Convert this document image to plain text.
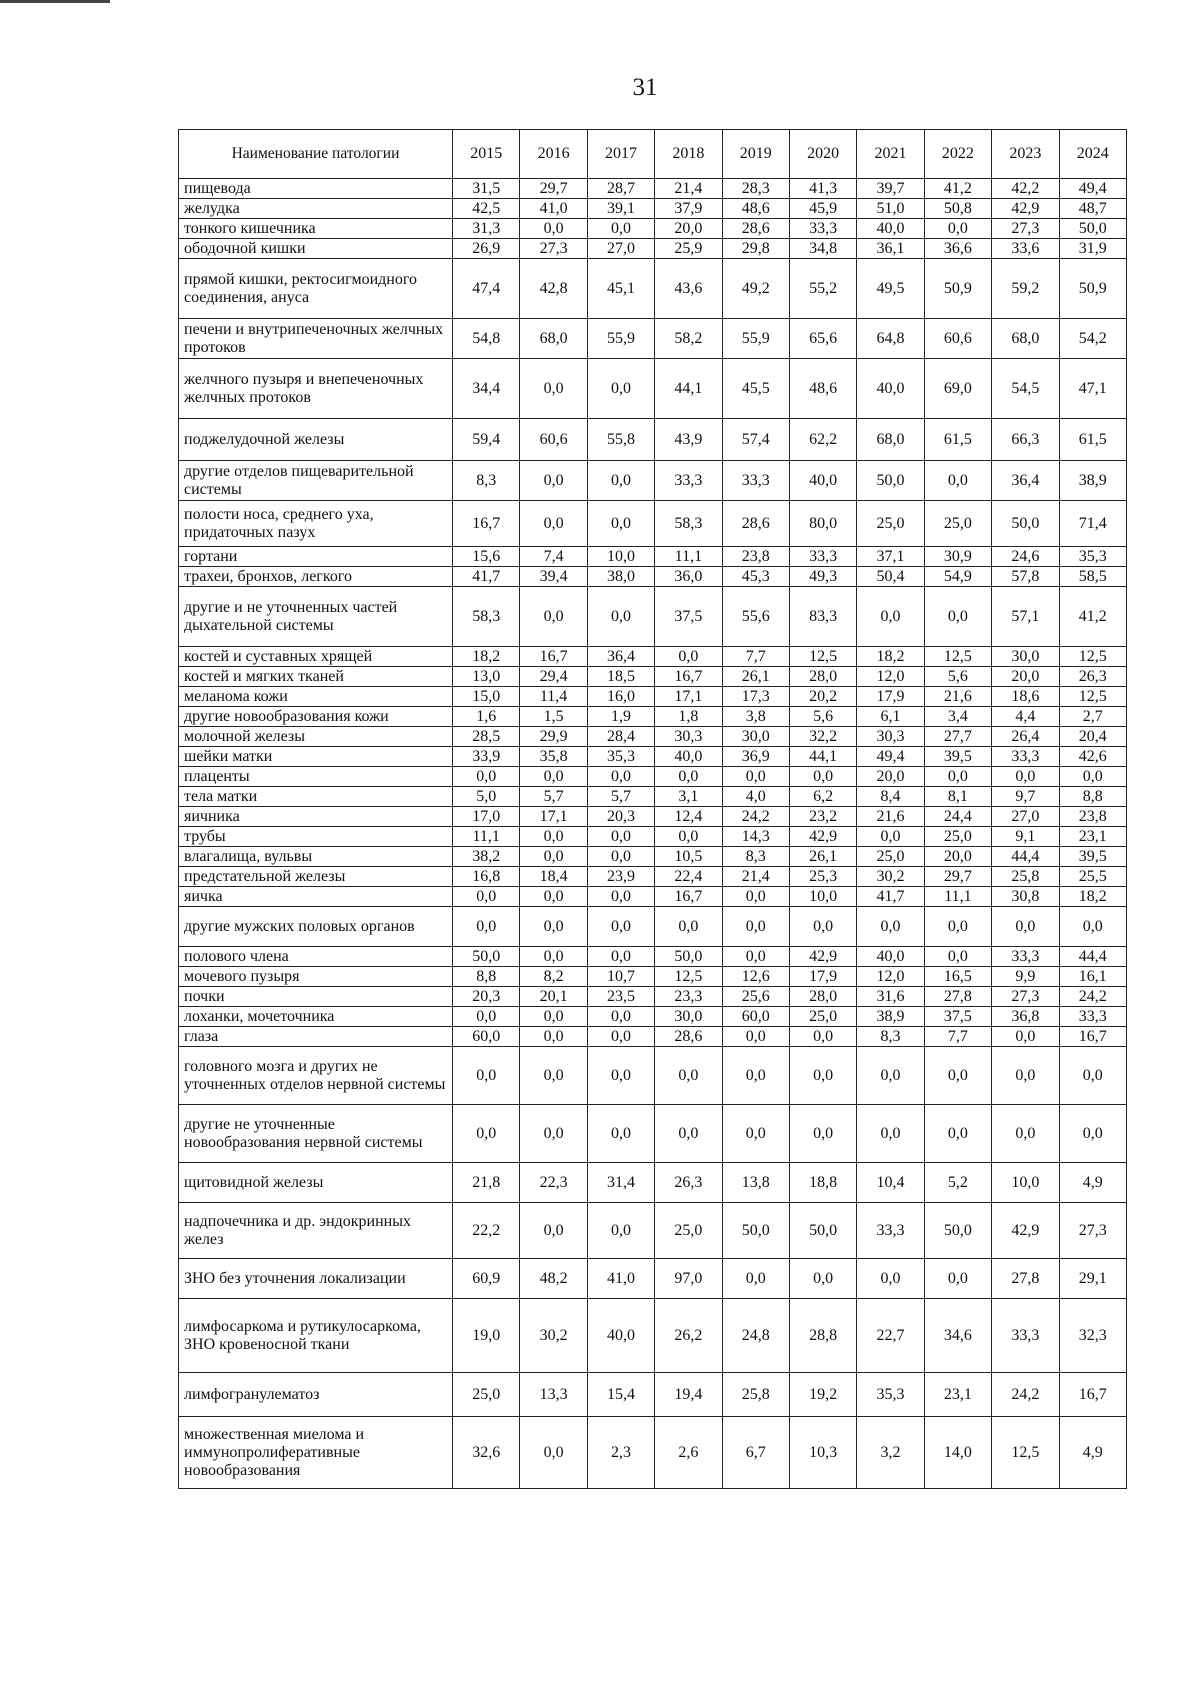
31
Наименование патологии	2015	2016	2017	2018	2019	2020	2021	2022	2023	2024
пищевода	31,5	29,7	28,7	21,4	28,3	41,3	39,7	41,2	42,2	49,4
желудка	42,5	41,0	39,1	37,9	48,6	45,9	51,0	50,8	42,9	48,7
тонкого кишечника	31,3	0,0	0,0	20,0	28,6	33,3	40,0	0,0	27,3	50,0
ободочной кишки	26,9	27,3	27,0	25,9	29,8	34,8	36,1	36,6	33,6	31,9
прямой кишки, ректосигмоидного соединения, ануса	47,4	42,8	45,1	43,6	49,2	55,2	49,5	50,9	59,2	50,9
печени и внутрипеченочных желчных протоков	54,8	68,0	55,9	58,2	55,9	65,6	64,8	60,6	68,0	54,2
желчного пузыря и внепеченочных желчных протоков	34,4	0,0	0,0	44,1	45,5	48,6	40,0	69,0	54,5	47,1
поджелудочной железы	59,4	60,6	55,8	43,9	57,4	62,2	68,0	61,5	66,3	61,5
другие отделов пищеварительной системы	8,3	0,0	0,0	33,3	33,3	40,0	50,0	0,0	36,4	38,9
полости носа, среднего уха, придаточных пазух	16,7	0,0	0,0	58,3	28,6	80,0	25,0	25,0	50,0	71,4
гортани	15,6	7,4	10,0	11,1	23,8	33,3	37,1	30,9	24,6	35,3
трахеи, бронхов, легкого	41,7	39,4	38,0	36,0	45,3	49,3	50,4	54,9	57,8	58,5
другие и не уточненных частей дыхательной системы	58,3	0,0	0,0	37,5	55,6	83,3	0,0	0,0	57,1	41,2
костей и суставных хрящей	18,2	16,7	36,4	0,0	7,7	12,5	18,2	12,5	30,0	12,5
костей и мягких тканей	13,0	29,4	18,5	16,7	26,1	28,0	12,0	5,6	20,0	26,3
меланома кожи	15,0	11,4	16,0	17,1	17,3	20,2	17,9	21,6	18,6	12,5
другие новообразования кожи	1,6	1,5	1,9	1,8	3,8	5,6	6,1	3,4	4,4	2,7
молочной железы	28,5	29,9	28,4	30,3	30,0	32,2	30,3	27,7	26,4	20,4
шейки матки	33,9	35,8	35,3	40,0	36,9	44,1	49,4	39,5	33,3	42,6
плаценты	0,0	0,0	0,0	0,0	0,0	0,0	20,0	0,0	0,0	0,0
тела матки	5,0	5,7	5,7	3,1	4,0	6,2	8,4	8,1	9,7	8,8
яичника	17,0	17,1	20,3	12,4	24,2	23,2	21,6	24,4	27,0	23,8
трубы	11,1	0,0	0,0	0,0	14,3	42,9	0,0	25,0	9,1	23,1
влагалища, вульвы	38,2	0,0	0,0	10,5	8,3	26,1	25,0	20,0	44,4	39,5
предстательной железы	16,8	18,4	23,9	22,4	21,4	25,3	30,2	29,7	25,8	25,5
яичка	0,0	0,0	0,0	16,7	0,0	10,0	41,7	11,1	30,8	18,2
другие мужских половых органов	0,0	0,0	0,0	0,0	0,0	0,0	0,0	0,0	0,0	0,0
полового члена	50,0	0,0	0,0	50,0	0,0	42,9	40,0	0,0	33,3	44,4
мочевого пузыря	8,8	8,2	10,7	12,5	12,6	17,9	12,0	16,5	9,9	16,1
почки	20,3	20,1	23,5	23,3	25,6	28,0	31,6	27,8	27,3	24,2
лоханки, мочеточника	0,0	0,0	0,0	30,0	60,0	25,0	38,9	37,5	36,8	33,3
глаза	60,0	0,0	0,0	28,6	0,0	0,0	8,3	7,7	0,0	16,7
головного мозга и других не уточненных отделов нервной системы	0,0	0,0	0,0	0,0	0,0	0,0	0,0	0,0	0,0	0,0
другие не уточненные новообразования нервной системы	0,0	0,0	0,0	0,0	0,0	0,0	0,0	0,0	0,0	0,0
щитовидной железы	21,8	22,3	31,4	26,3	13,8	18,8	10,4	5,2	10,0	4,9
надпочечника и др. эндокринных желез	22,2	0,0	0,0	25,0	50,0	50,0	33,3	50,0	42,9	27,3
ЗНО без уточнения локализации	60,9	48,2	41,0	97,0	0,0	0,0	0,0	0,0	27,8	29,1
лимфосаркома и рутикулосаркома, ЗНО кровеносной ткани	19,0	30,2	40,0	26,2	24,8	28,8	22,7	34,6	33,3	32,3
лимфогранулематоз	25,0	13,3	15,4	19,4	25,8	19,2	35,3	23,1	24,2	16,7
множественная миелома и иммунопролиферативные новообразования	32,6	0,0	2,3	2,6	6,7	10,3	3,2	14,0	12,5	4,9
